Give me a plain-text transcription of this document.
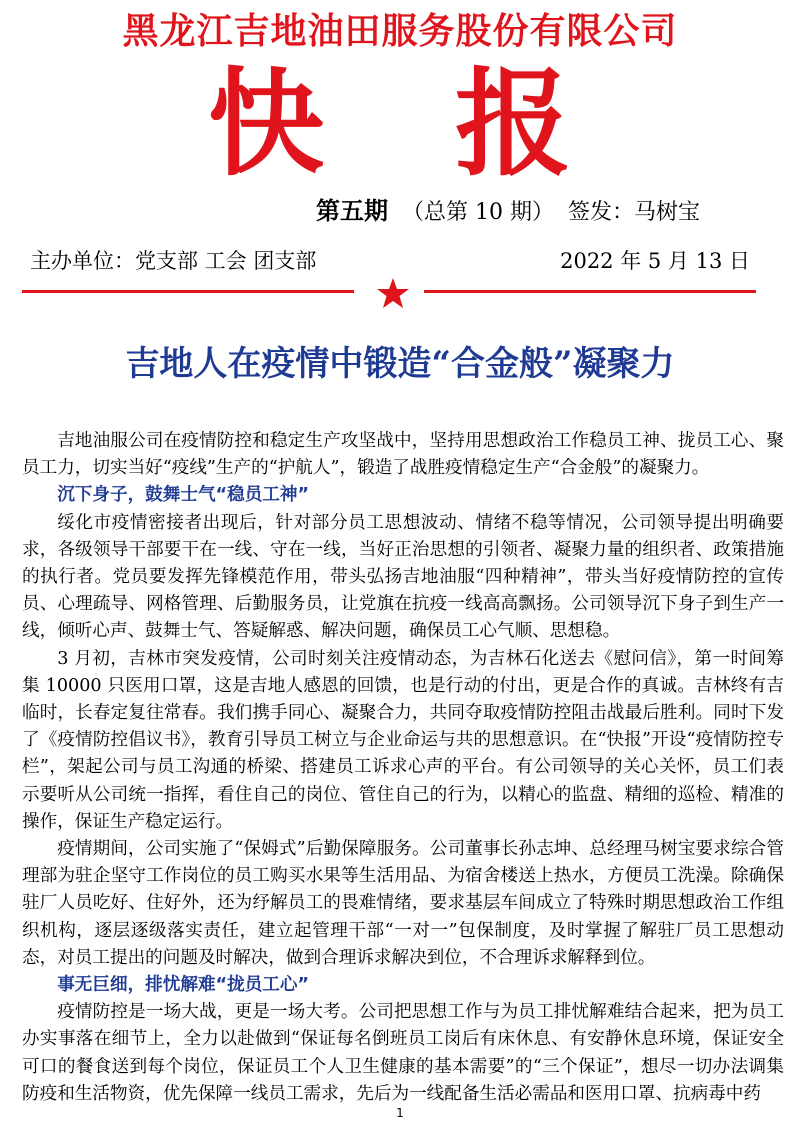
黑龙江吉地油田服务股份有限公司
快 报
第五期 （总第 10 期） 签发：马树宝
主办单位：党支部 工会 团支部	2022 年 5 月 13 日
吉地人在疫情中锻造“合金般”凝聚力

吉地油服公司在疫情防控和稳定生产攻坚战中，坚持用思想政治工作稳员工神、拢员工心、聚员工力，切实当好“疫线”生产的“护航人”，锻造了战胜疫情稳定生产“合金般”的凝聚力。

沉下身子，鼓舞士气“稳员工神”

绥化市疫情密接者出现后，针对部分员工思想波动、情绪不稳等情况，公司领导提出明确要求，各级领导干部要干在一线、守在一线，当好正治思想的引领者、凝聚力量的组织者、政策措施的执行者。党员要发挥先锋模范作用，带头弘扬吉地油服“四种精神”，带头当好疫情防控的宣传员、心理疏导、网格管理、后勤服务员，让党旗在抗疫一线高高飘扬。公司领导沉下身子到生产一线，倾听心声、鼓舞士气、答疑解惑、解决问题，确保员工心气顺、思想稳。

3 月初，吉林市突发疫情，公司时刻关注疫情动态，为吉林石化送去《慰问信》，第一时间筹集 10000 只医用口罩，这是吉地人感恩的回馈，也是行动的付出，更是合作的真诚。吉林终有吉临时，长春定复往常春。我们携手同心、凝聚合力，共同夺取疫情防控阻击战最后胜利。同时下发了《疫情防控倡议书》，教育引导员工树立与企业命运与共的思想意识。在“快报”开设“疫情防控专栏”，架起公司与员工沟通的桥梁、搭建员工诉求心声的平台。有公司领导的关心关怀，员工们表示要听从公司统一指挥，看住自己的岗位、管住自己的行为，以精心的监盘、精细的巡检、精准的操作，保证生产稳定运行。

疫情期间，公司实施了“保姆式”后勤保障服务。公司董事长孙志坤、总经理马树宝要求综合管理部为驻企坚守工作岗位的员工购买水果等生活用品、为宿舍楼送上热水，方便员工洗澡。除确保驻厂人员吃好、住好外，还为纾解员工的畏难情绪，要求基层车间成立了特殊时期思想政治工作组织机构，逐层逐级落实责任，建立起管理干部“一对一”包保制度，及时掌握了解驻厂员工思想动态，对员工提出的问题及时解决，做到合理诉求解决到位，不合理诉求解释到位。

事无巨细，排忧解难“拢员工心”

疫情防控是一场大战，更是一场大考。公司把思想工作与为员工排忧解难结合起来，把为员工办实事落在细节上，全力以赴做到“保证每名倒班员工岗后有床休息、有安静休息环境，保证安全可口的餐食送到每个岗位，保证员工个人卫生健康的基本需要”的“三个保证”，想尽一切办法调集防疫和生活物资，优先保障一线员工需求，先后为一线配备生活必需品和医用口罩、抗病毒中药

1
